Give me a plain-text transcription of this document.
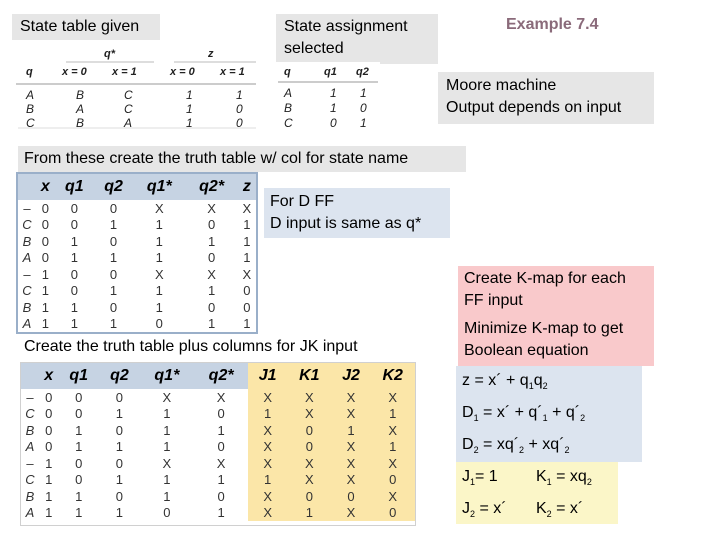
State table given	State assignment selected
Example 7.4
q*	z
q	x = 0 x = 1	x = 0 x = 1
A	B	C	1	1
B	A	C	1	0
C	B	A	1	0
q	q1 q2
A	1 1
B	1 0
C	0 1
Moore machine
Output depends on input
From these create the truth table w/ col for state name
	x	q1	q2	q1*	q2*	z
–	0	0	0	X	X	X
C	0	0	1	1	0	1
B	0	1	0	1	1	1
A	0	1	1	1	0	1
–	1	0	0	X	X	X
C	1	0	1	1	1	0
B	1	1	0	1	0	0
A	1	1	1	0	1	1
For D FF
D input is same as q*
Create K-map for each
FF input
Minimize K-map to get
Boolean equation
Create the truth table plus columns for JK input
z = x´ + $q_1q_2$
$D_1$ = x´ + $q´_1$ + $q´_2$
$D_2$ = $xq´_2$ + $xq´_2$
$J_1= 1$ $K_1 = xq_2$
$J_2$ = x´ $K_2$ = x´
	x	q1	q2	q1*	q2*	J1	K1	J2	K2
–	0	0	0	X	X	X	X	X	X
C	0	0	1	1	0	1	X	X	1
B	0	1	0	1	1	X	0	1	X
A	0	1	1	1	0	X	0	X	1
–	1	0	0	X	X	X	X	X	X
C	1	0	1	1	1	1	X	X	0
B	1	1	0	1	0	X	0	0	X
A	1	1	1	0	1	X	1	X	0
